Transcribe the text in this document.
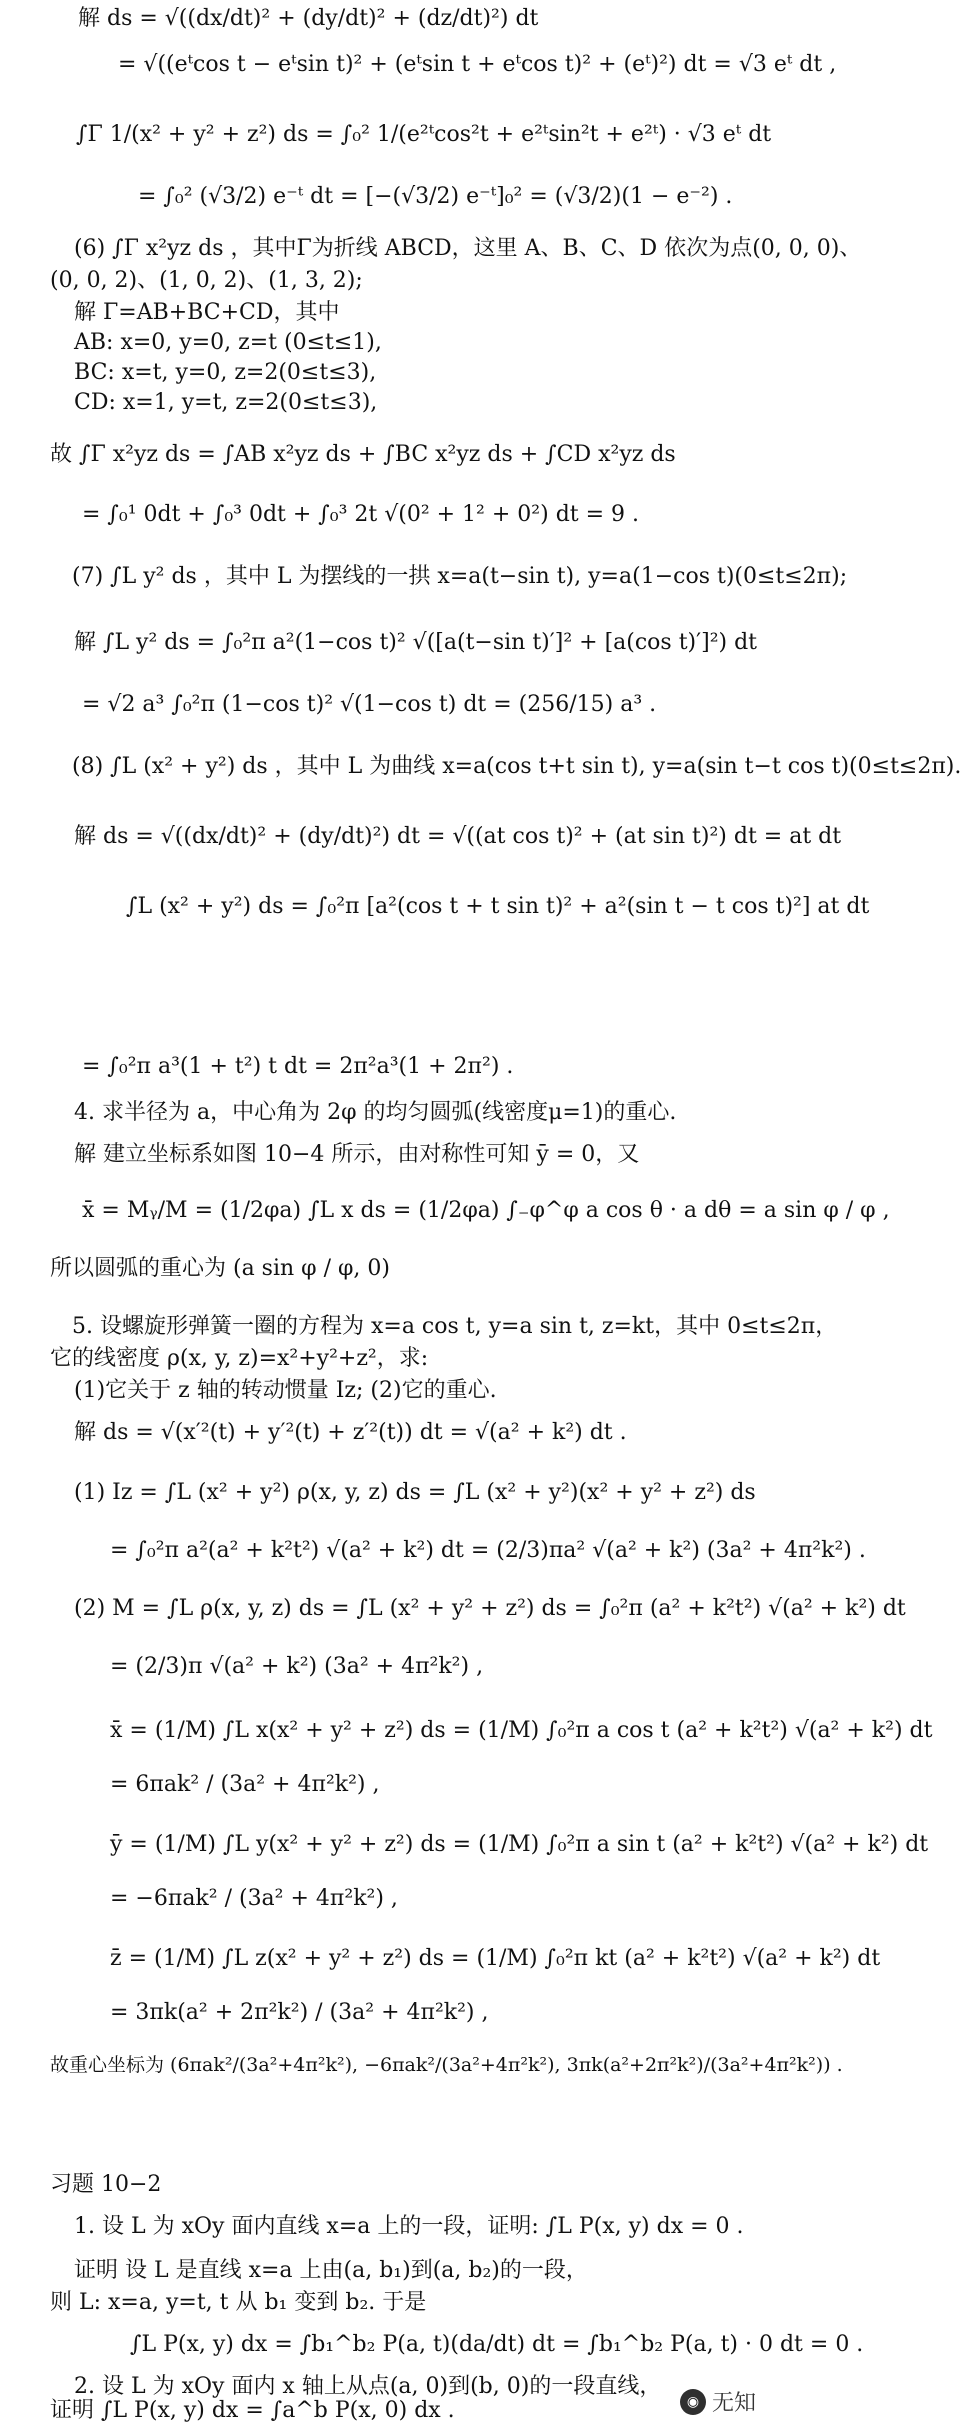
解 ds = √((dx/dt)² + (dy/dt)² + (dz/dt)²) dt
= √((eᵗcos t − eᵗsin t)² + (eᵗsin t + eᵗcos t)² + (eᵗ)²) dt = √3 eᵗ dt ,
∫Γ 1/(x² + y² + z²) ds = ∫₀² 1/(e²ᵗcos²t + e²ᵗsin²t + e²ᵗ) · √3 eᵗ dt
= ∫₀² (√3/2) e⁻ᵗ dt = [−(√3/2) e⁻ᵗ]₀² = (√3/2)(1 − e⁻²) .
(6) ∫Γ x²yz ds ，其中Γ为折线 ABCD，这里 A、B、C、D 依次为点(0, 0, 0)、
(0, 0, 2)、(1, 0, 2)、(1, 3, 2);
解 Γ=AB+BC+CD，其中
AB: x=0, y=0, z=t (0≤t≤1),
BC: x=t, y=0, z=2(0≤t≤3),
CD: x=1, y=t, z=2(0≤t≤3),
故 ∫Γ x²yz ds = ∫AB x²yz ds + ∫BC x²yz ds + ∫CD x²yz ds
= ∫₀¹ 0dt + ∫₀³ 0dt + ∫₀³ 2t √(0² + 1² + 0²) dt = 9 .
(7) ∫L y² ds ，其中 L 为摆线的一拱 x=a(t−sin t), y=a(1−cos t)(0≤t≤2π);
解 ∫L y² ds = ∫₀²π a²(1−cos t)² √([a(t−sin t)′]² + [a(cos t)′]²) dt
= √2 a³ ∫₀²π (1−cos t)² √(1−cos t) dt = (256/15) a³ .
(8) ∫L (x² + y²) ds ，其中 L 为曲线 x=a(cos t+t sin t), y=a(sin t−t cos t)(0≤t≤2π).
解 ds = √((dx/dt)² + (dy/dt)²) dt = √((at cos t)² + (at sin t)²) dt = at dt
∫L (x² + y²) ds = ∫₀²π [a²(cos t + t sin t)² + a²(sin t − t cos t)²] at dt
= ∫₀²π a³(1 + t²) t dt = 2π²a³(1 + 2π²) .
4. 求半径为 a，中心角为 2φ 的均匀圆弧(线密度μ=1)的重心.
解 建立坐标系如图 10−4 所示，由对称性可知 ȳ = 0，又
x̄ = Mᵧ/M = (1/2φa) ∫L x ds = (1/2φa) ∫₋φ^φ a cos θ · a dθ = a sin φ / φ ,
所以圆弧的重心为 (a sin φ / φ, 0)
5. 设螺旋形弹簧一圈的方程为 x=a cos t, y=a sin t, z=kt，其中 0≤t≤2π，
它的线密度 ρ(x, y, z)=x²+y²+z²，求:
(1)它关于 z 轴的转动惯量 Iz; (2)它的重心.
解 ds = √(x′²(t) + y′²(t) + z′²(t)) dt = √(a² + k²) dt .
(1) Iz = ∫L (x² + y²) ρ(x, y, z) ds = ∫L (x² + y²)(x² + y² + z²) ds
= ∫₀²π a²(a² + k²t²) √(a² + k²) dt = (2/3)πa² √(a² + k²) (3a² + 4π²k²) .
(2) M = ∫L ρ(x, y, z) ds = ∫L (x² + y² + z²) ds = ∫₀²π (a² + k²t²) √(a² + k²) dt
= (2/3)π √(a² + k²) (3a² + 4π²k²) ,
x̄ = (1/M) ∫L x(x² + y² + z²) ds = (1/M) ∫₀²π a cos t (a² + k²t²) √(a² + k²) dt
= 6πak² / (3a² + 4π²k²) ,
ȳ = (1/M) ∫L y(x² + y² + z²) ds = (1/M) ∫₀²π a sin t (a² + k²t²) √(a² + k²) dt
= −6πak² / (3a² + 4π²k²) ,
z̄ = (1/M) ∫L z(x² + y² + z²) ds = (1/M) ∫₀²π kt (a² + k²t²) √(a² + k²) dt
= 3πk(a² + 2π²k²) / (3a² + 4π²k²) ,
故重心坐标为 (6πak²/(3a²+4π²k²), −6πak²/(3a²+4π²k²), 3πk(a²+2π²k²)/(3a²+4π²k²)) .
习题 10−2
1. 设 L 为 xOy 面内直线 x=a 上的一段，证明: ∫L P(x, y) dx = 0 .
证明 设 L 是直线 x=a 上由(a, b₁)到(a, b₂)的一段，
则 L: x=a, y=t, t 从 b₁ 变到 b₂. 于是
∫L P(x, y) dx = ∫b₁^b₂ P(a, t)(da/dt) dt = ∫b₁^b₂ P(a, t) · 0 dt = 0 .
2. 设 L 为 xOy 面内 x 轴上从点(a, 0)到(b, 0)的一段直线，
证明 ∫L P(x, y) dx = ∫a^b P(x, 0) dx .	◉ 无知
